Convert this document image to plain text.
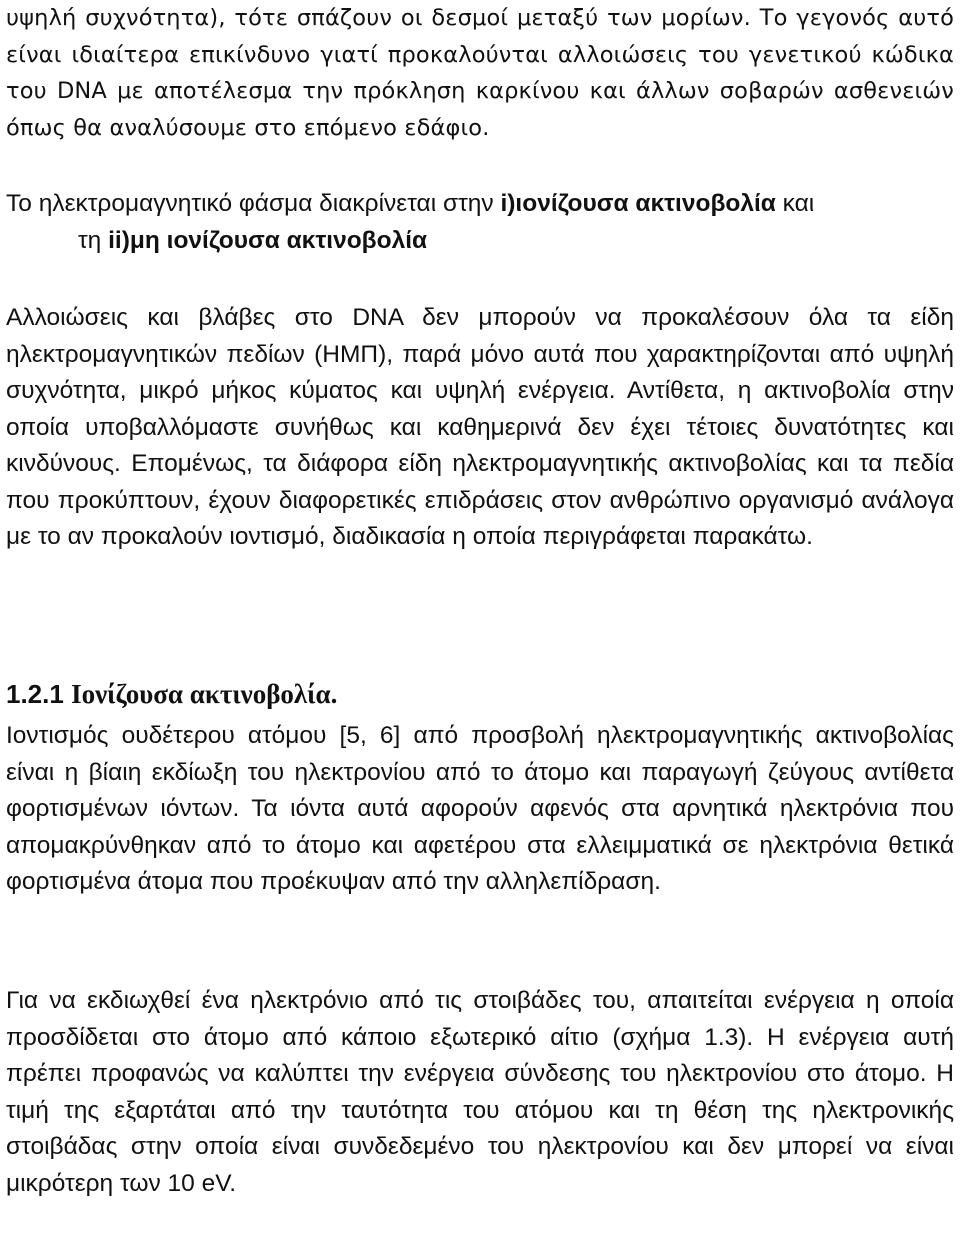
υψηλή συχνότητα), τότε σπάζουν οι δεσμοί μεταξύ των μορίων. Το γεγονός αυτό είναι ιδιαίτερα επικίνδυνο γιατί προκαλούνται αλλοιώσεις του γενετικού κώδικα του DNA με αποτέλεσμα την πρόκληση καρκίνου και άλλων σοβαρών ασθενειών όπως θα αναλύσουμε στο επόμενο εδάφιο.

Το ηλεκτρομαγνητικό φάσμα διακρίνεται στην i)ιονίζουσα ακτινοβολία και
τη ii)μη ιονίζουσα ακτινοβολία

Αλλοιώσεις και βλάβες στο DNA δεν μπορούν να προκαλέσουν όλα τα είδη ηλεκτρομαγνητικών πεδίων (ΗΜΠ), παρά μόνο αυτά που χαρακτηρίζονται από υψηλή συχνότητα, μικρό μήκος κύματος και υψηλή ενέργεια. Αντίθετα, η ακτινοβολία στην οποία υποβαλλόμαστε συνήθως και καθημερινά δεν έχει τέτοιες δυνατότητες και κινδύνους. Επομένως, τα διάφορα είδη ηλεκτρομαγνητικής ακτινοβολίας και τα πεδία που προκύπτουν, έχουν διαφορετικές επιδράσεις στον ανθρώπινο οργανισμό ανάλογα με το αν προκαλούν ιοντισμό, διαδικασία η οποία περιγράφεται παρακάτω.

1.2.1 Ιονίζουσα ακτινοβολία.

Ιοντισμός ουδέτερου ατόμου [5, 6] από προσβολή ηλεκτρομαγνητικής ακτινοβολίας είναι η βίαιη εκδίωξη του ηλεκτρονίου από το άτομο και παραγωγή ζεύγους αντίθετα φορτισμένων ιόντων. Τα ιόντα αυτά αφορούν αφενός στα αρνητικά ηλεκτρόνια που απομακρύνθηκαν από το άτομο και αφετέρου στα ελλειμματικά σε ηλεκτρόνια θετικά φορτισμένα άτομα που προέκυψαν από την αλληλεπίδραση.

Για να εκδιωχθεί ένα ηλεκτρόνιο από τις στοιβάδες του, απαιτείται ενέργεια η οποία προσδίδεται στο άτομο από κάποιο εξωτερικό αίτιο (σχήμα 1.3). Η ενέργεια αυτή πρέπει προφανώς να καλύπτει την ενέργεια σύνδεσης του ηλεκτρονίου στο άτομο. Η τιμή της εξαρτάται από την ταυτότητα του ατόμου και τη θέση της ηλεκτρονικής στοιβάδας στην οποία είναι συνδεδεμένο του ηλεκτρονίου και δεν μπορεί να είναι μικρότερη των 10 eV.
